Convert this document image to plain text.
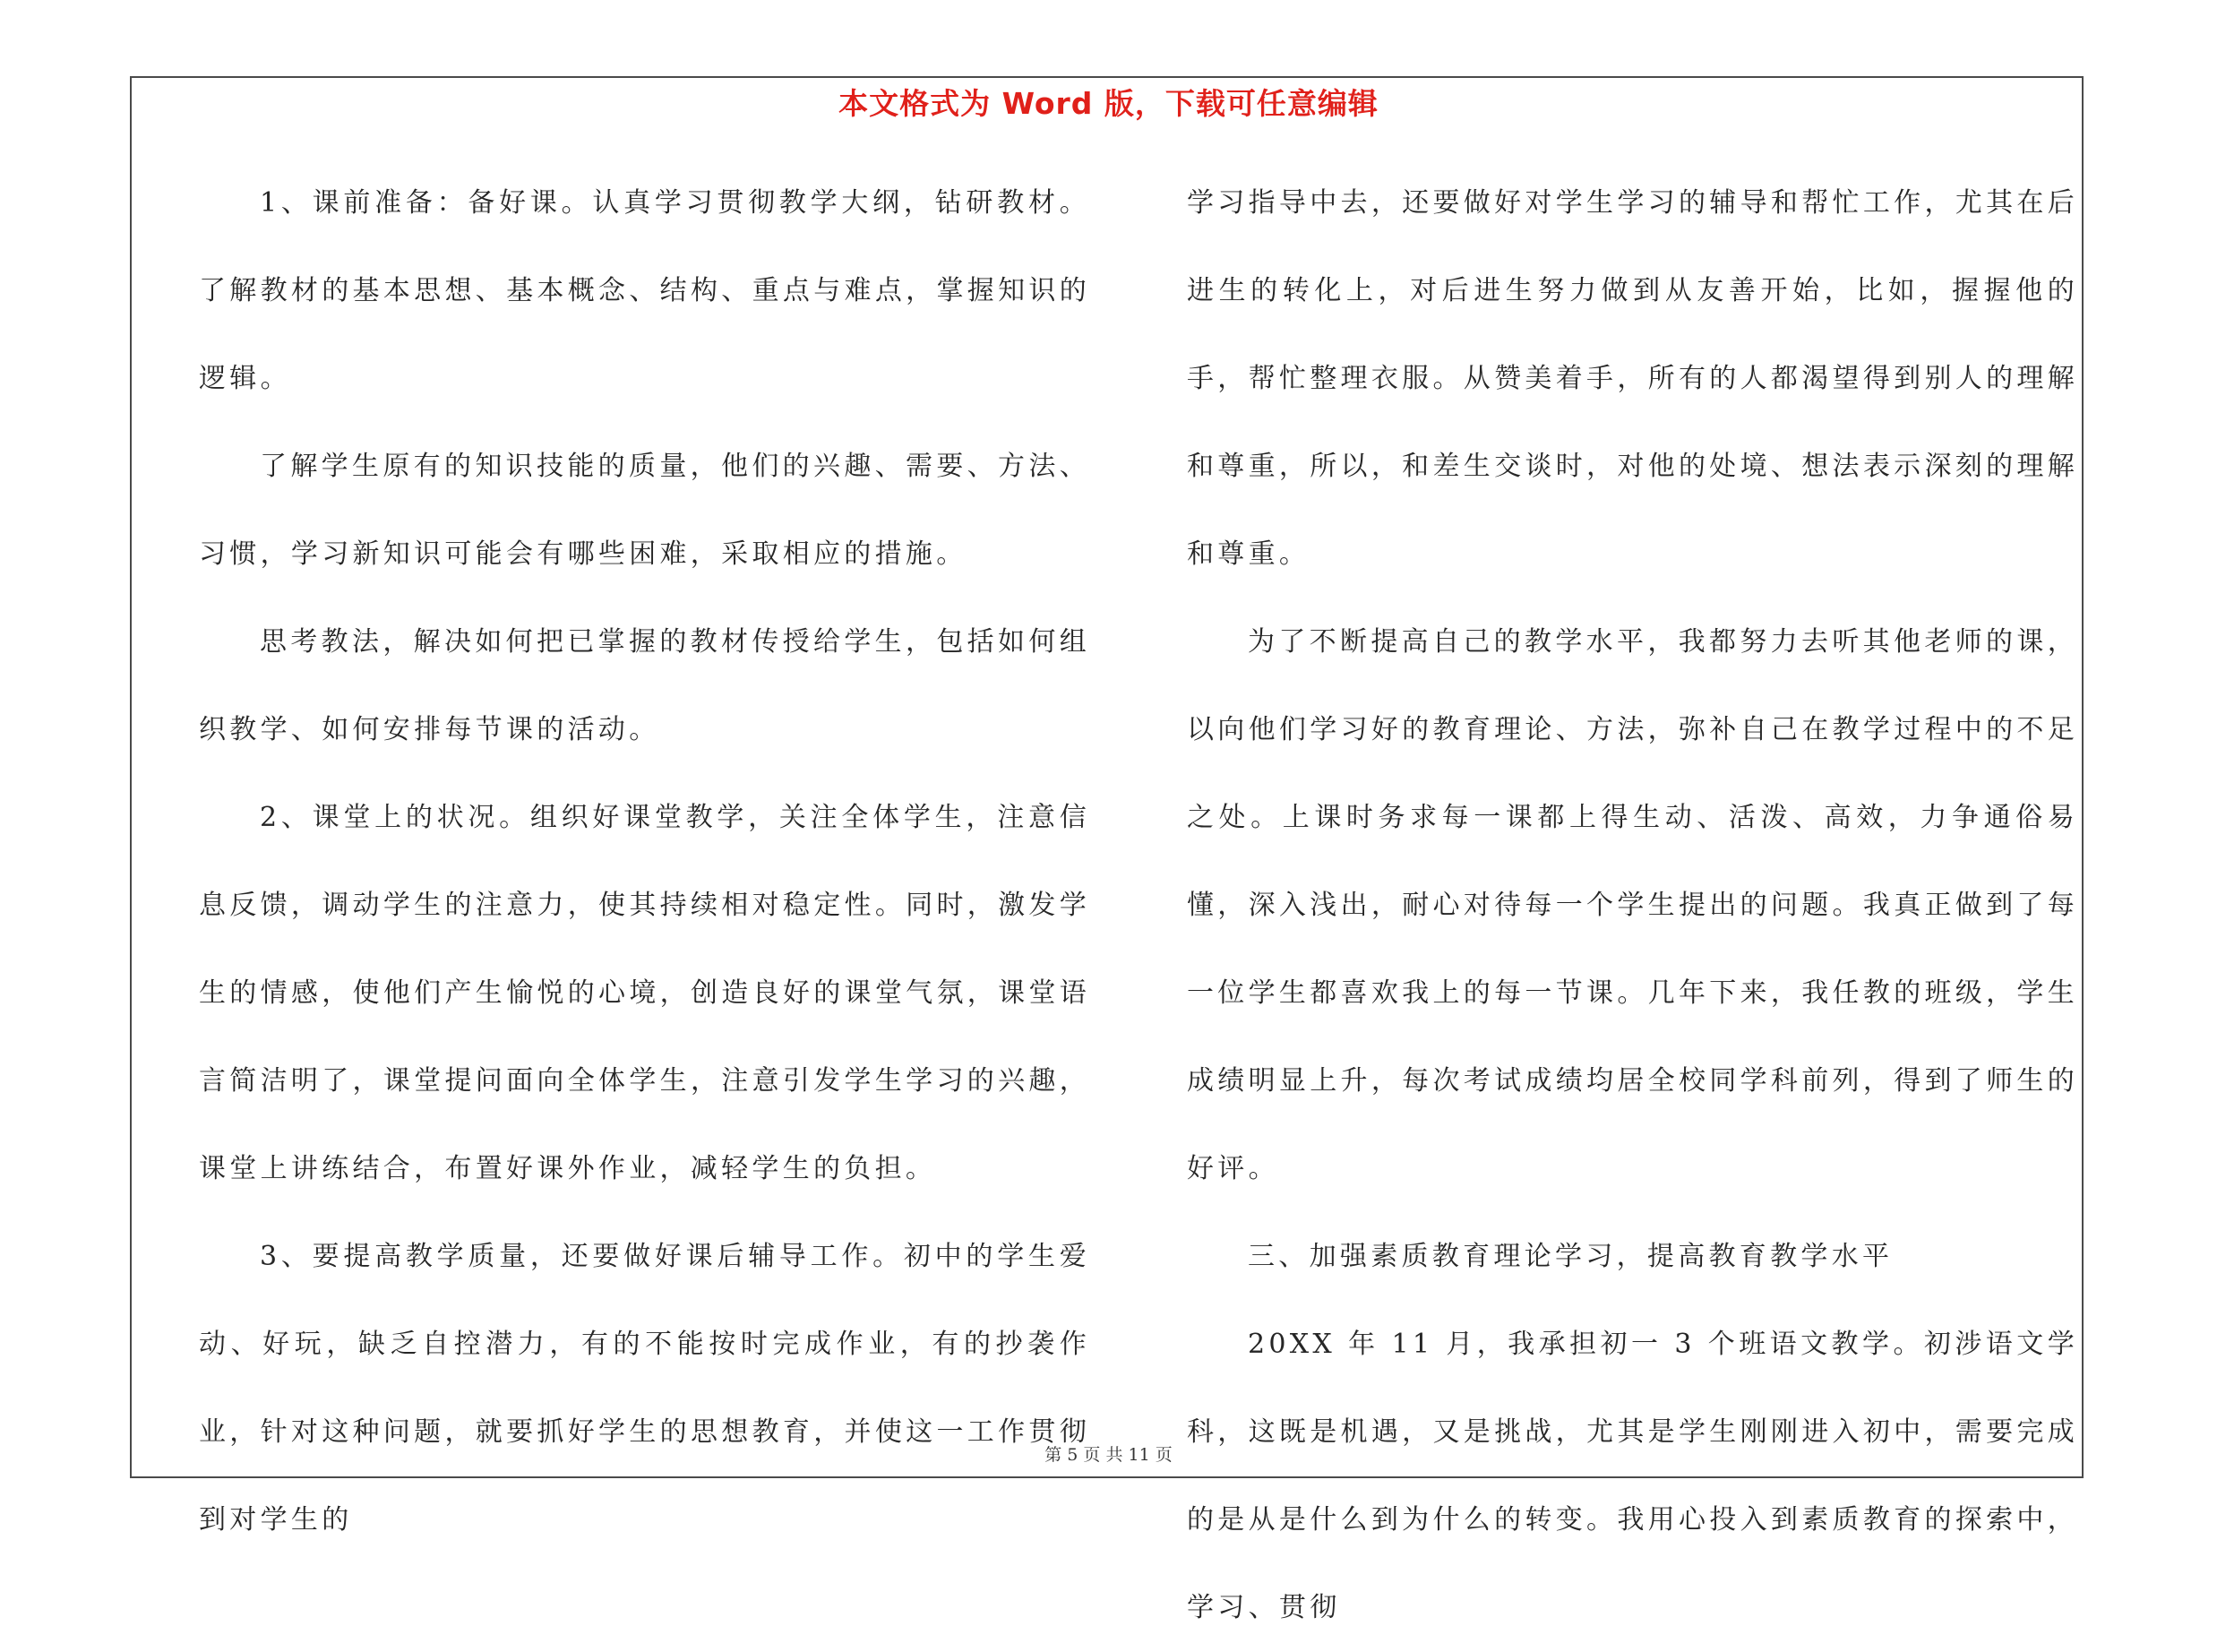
本文格式为 Word 版，下载可任意编辑

1、课前准备：备好课。认真学习贯彻教学大纲，钻研教材。了解教材的基本思想、基本概念、结构、重点与难点，掌握知识的逻辑。

了解学生原有的知识技能的质量，他们的兴趣、需要、方法、习惯，学习新知识可能会有哪些困难，采取相应的措施。

思考教法，解决如何把已掌握的教材传授给学生，包括如何组织教学、如何安排每节课的活动。

2、课堂上的状况。组织好课堂教学，关注全体学生，注意信息反馈，调动学生的注意力，使其持续相对稳定性。同时，激发学生的情感，使他们产生愉悦的心境，创造良好的课堂气氛，课堂语言简洁明了，课堂提问面向全体学生，注意引发学生学习的兴趣，课堂上讲练结合，布置好课外作业，减轻学生的负担。

3、要提高教学质量，还要做好课后辅导工作。初中的学生爱动、好玩，缺乏自控潜力，有的不能按时完成作业，有的抄袭作业，针对这种问题，就要抓好学生的思想教育，并使这一工作贯彻到对学生的

学习指导中去，还要做好对学生学习的辅导和帮忙工作，尤其在后进生的转化上，对后进生努力做到从友善开始，比如，握握他的手，帮忙整理衣服。从赞美着手，所有的人都渴望得到别人的理解和尊重，所以，和差生交谈时，对他的处境、想法表示深刻的理解和尊重。

为了不断提高自己的教学水平，我都努力去听其他老师的课，以向他们学习好的教育理论、方法，弥补自己在教学过程中的不足之处。上课时务求每一课都上得生动、活泼、高效，力争通俗易懂，深入浅出，耐心对待每一个学生提出的问题。我真正做到了每一位学生都喜欢我上的每一节课。几年下来，我任教的班级，学生成绩明显上升，每次考试成绩均居全校同学科前列，得到了师生的好评。

三、加强素质教育理论学习，提高教育教学水平

20XX 年 11 月，我承担初一 3 个班语文教学。初涉语文学科，这既是机遇，又是挑战，尤其是学生刚刚进入初中，需要完成的是从是什么到为什么的转变。我用心投入到素质教育的探索中，学习、贯彻

第 5 页 共 11 页
